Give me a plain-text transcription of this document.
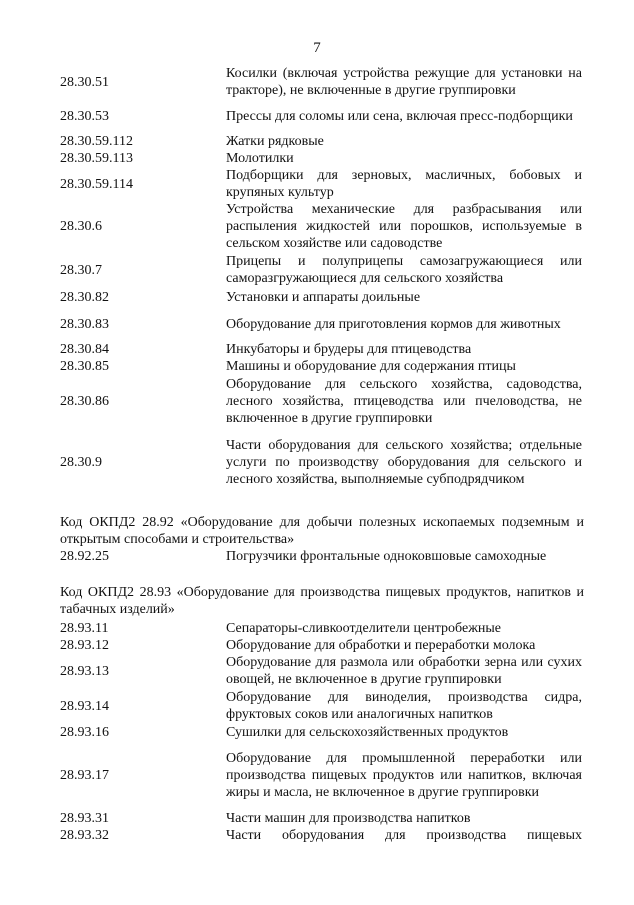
7
28.30.51
Косилки (включая устройства режущие для установки на тракторе), не включенные в другие группировки
28.30.53	Прессы для соломы или сена, включая пресс-подборщики
28.30.59.112	Жатки рядковые
28.30.59.113	Молотилки
28.30.59.114
Подборщики для зерновых, масличных, бобовых и крупяных культур
28.30.6
Устройства механические для разбрасывания или распыления жидкостей или порошков, используемые в сельском хозяйстве или садоводстве
28.30.7
Прицепы и полуприцепы самозагружающиеся или саморазгружающиеся для сельского хозяйства
28.30.82	Установки и аппараты доильные
28.30.83	Оборудование для приготовления кормов для животных
28.30.84	Инкубаторы и брудеры для птицеводства
28.30.85	Машины и оборудование для содержания птицы
28.30.86
Оборудование для сельского хозяйства, садоводства, лесного хозяйства, птицеводства или пчеловодства, не включенное в другие группировки
28.30.9
Части оборудования для сельского хозяйства; отдельные услуги по производству оборудования для сельского и лесного хозяйства, выполняемые субподрядчиком
Код ОКПД2 28.92 «Оборудование для добычи полезных ископаемых подземным и открытым способами и строительства»
28.92.25	Погрузчики фронтальные одноковшовые самоходные
Код ОКПД2 28.93 «Оборудование для производства пищевых продуктов, напитков и табачных изделий»
28.93.11	Сепараторы-сливкоотделители центробежные
28.93.12	Оборудование для обработки и переработки молока
28.93.13
Оборудование для размола или обработки зерна или сухих овощей, не включенное в другие группировки
28.93.14
Оборудование для виноделия, производства сидра, фруктовых соков или аналогичных напитков
28.93.16	Сушилки для сельскохозяйственных продуктов
28.93.17
Оборудование для промышленной переработки или производства пищевых продуктов или напитков, включая жиры и масла, не включенное в другие группировки
28.93.31	Части машин для производства напитков
28.93.32	Части оборудования для производства пищевых
